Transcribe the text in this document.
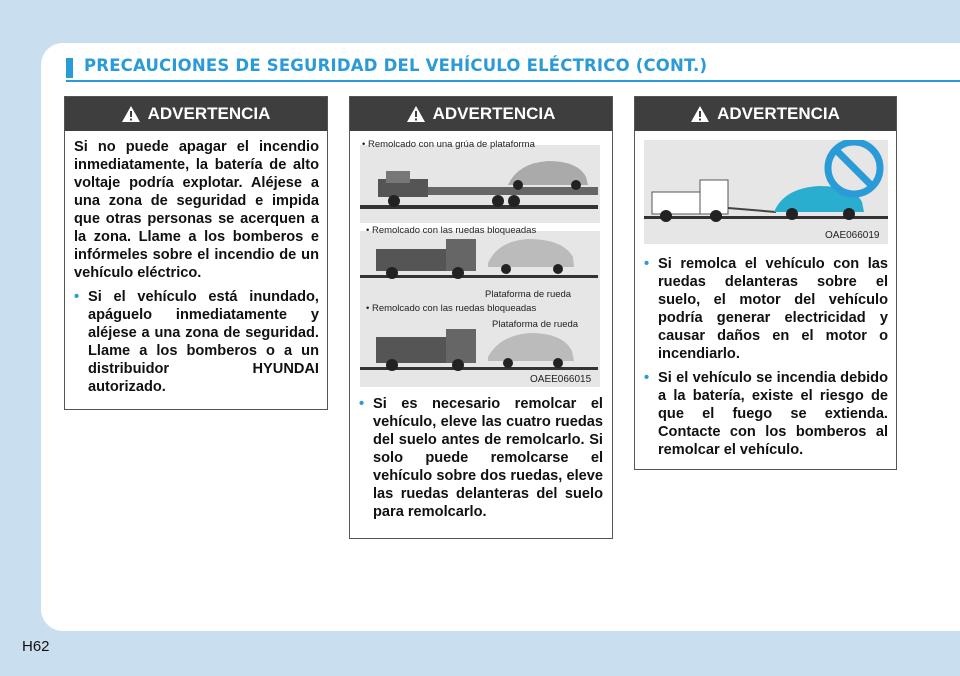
PRECAUCIONES DE SEGURIDAD DEL VEHÍCULO ELÉCTRICO (CONT.)
ADVERTENCIA

Si no puede apagar el incendio inmediatamente, la batería de alto voltaje podría explotar. Aléjese a una zona de seguridad e impida que otras personas se acerquen a la zona. Llame a los bomberos e infórmeles sobre el incendio de un vehículo eléctrico.

• Si el vehículo está inundado, apáguelo inmediatamente y aléjese a una zona de seguridad. Llame a los bomberos o a un distribuidor HYUNDAI autorizado.
ADVERTENCIA
• Remolcado con una grúa de plataforma
• Remolcado con las ruedas bloqueadas
Plataforma de rueda
• Remolcado con las ruedas bloqueadas
Plataforma de rueda
OAEE066015
• Si es necesario remolcar el vehículo, eleve las cuatro ruedas del suelo antes de remolcarlo. Si solo puede remolcarse el vehículo sobre dos ruedas, eleve las ruedas delanteras del suelo para remolcarlo.
ADVERTENCIA
OAE066019
• Si remolca el vehículo con las ruedas delanteras sobre el suelo, el motor del vehículo podría generar electricidad y causar daños en el motor o incendiarlo.
• Si el vehículo se incendia debido a la batería, existe el riesgo de que el fuego se extienda. Contacte con los bomberos al remolcar el vehículo.
H62
